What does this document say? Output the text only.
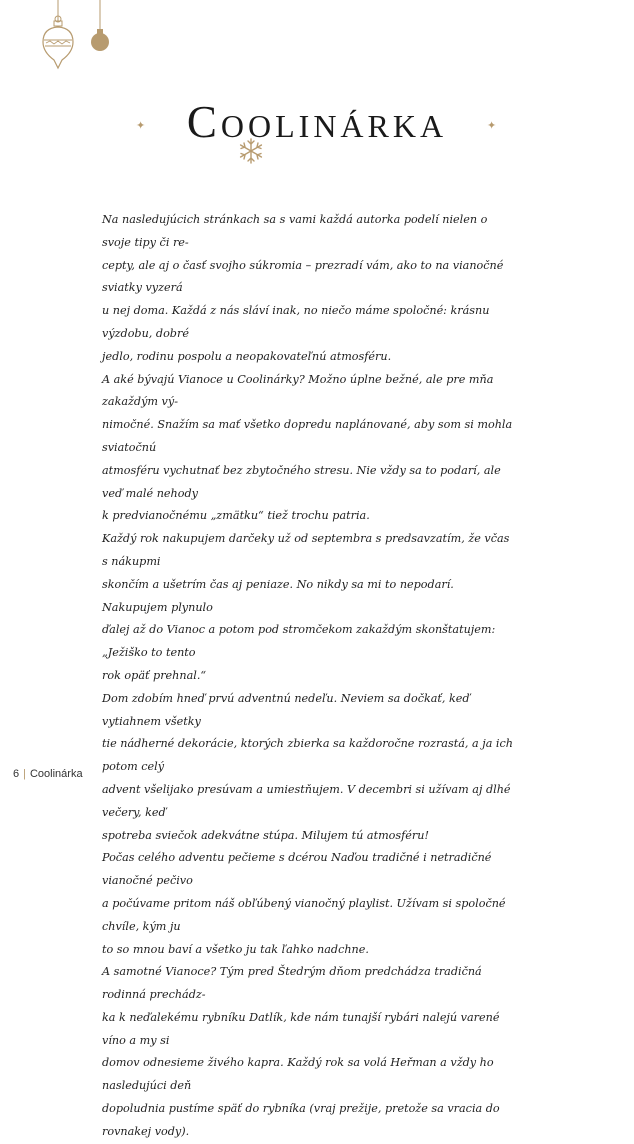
✦ Coolinárka	✦

Na nasledujúcich stránkach sa s vami každá autorka podelí nielen o svoje tipy či re-

cepty, ale aj o časť svojho súkromia – prezradí vám, ako to na vianočné sviatky vyzerá

u nej doma. Každá z nás sláví inak, no niečo máme spoločné: krásnu výzdobu, dobré

jedlo, rodinu pospolu a neopakovateľnú atmosféru.

A aké bývajú Vianoce u Coolinárky? Možno úplne bežné, ale pre mňa zakaždým vý-

nimočné. Snažím sa mať všetko dopredu naplánované, aby som si mohla sviatočnú

atmosféru vychutnať bez zbytočného stresu. Nie vždy sa to podarí, ale veď malé nehody

k predvianočnému „zmätku“ tiež trochu patria.

Každý rok nakupujem darčeky už od septembra s predsavzatím, že včas s nákupmi

skončím a ušetrím čas aj peniaze. No nikdy sa mi to nepodarí. Nakupujem plynulo

ďalej až do Vianoc a potom pod stromčekom zakaždým skonštatujem: „Ježiško to tento

rok opäť prehnal.“

Dom zdobím hneď prvú adventnú nedeľu. Neviem sa dočkať, keď vytiahnem všetky

tie nádherné dekorácie, ktorých zbierka sa každoročne rozrastá, a ja ich potom celý

advent všelijako presúvam a umiestňujem. V decembri si užívam aj dlhé večery, keď

spotreba sviečok adekvátne stúpa. Milujem tú atmosféru!

Počas celého adventu pečieme s dcérou Naďou tradičné i netradičné vianočné pečivo

a počúvame pritom náš obľúbený vianočný playlist. Užívam si spoločné chvíle, kým ju

to so mnou baví a všetko ju tak ľahko nadchne.

A samotné Vianoce? Tým pred Štedrým dňom predchádza tradičná rodinná prechádz-

ka k neďalekému rybníku Datlík, kde nám tunajší rybári nalejú varené víno a my si

domov odnesieme živého kapra. Každý rok sa volá Heřman a vždy ho nasledujúci deň

dopoludnia pustíme späť do rybníka (vraj prežije, pretože sa vracia do rovnakej vody).

6 | Coolinárka
